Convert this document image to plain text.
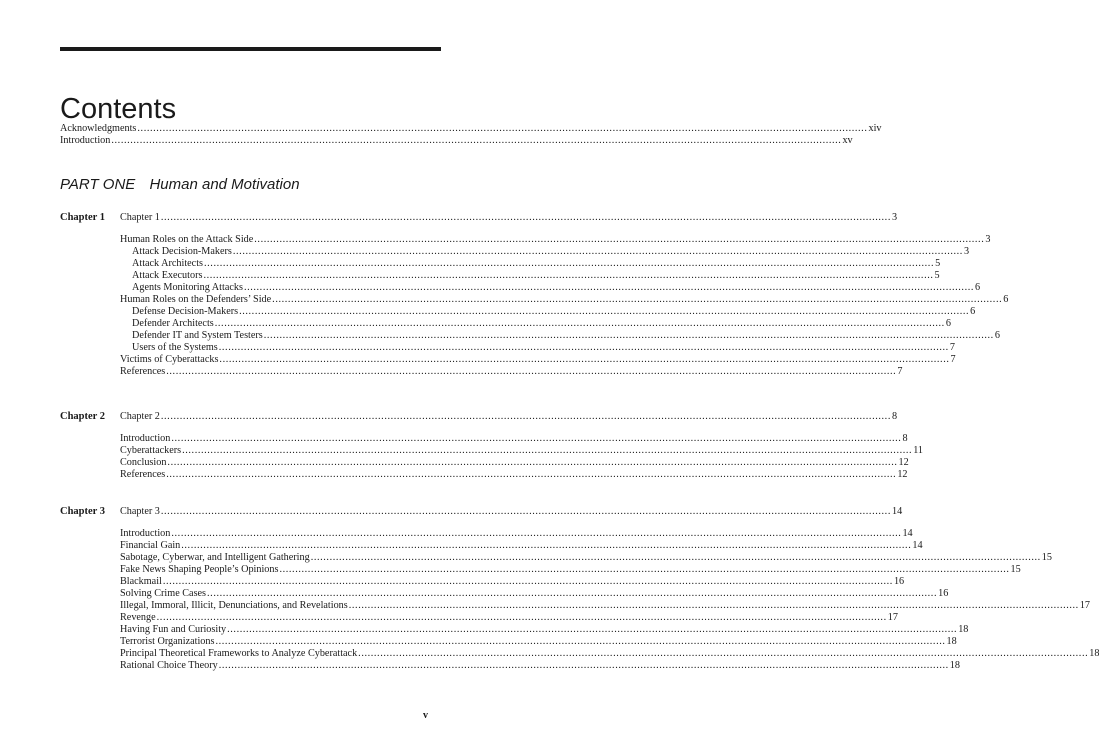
Contents
Acknowledgments .....	xiv
Introduction .....	xv
PART ONE Human and Motivation
Chapter 1	Chapter 1 .....	3
Human Roles on the Attack Side .....	3
Attack Decision-Makers .....	3
Attack Architects .....	5
Attack Executors .....	5
Agents Monitoring Attacks .....	6
Human Roles on the Defenders’ Side .....	6
Defense Decision-Makers .....	6
Defender Architects .....	6
Defender IT and System Testers .....	6
Users of the Systems .....	7
Victims of Cyberattacks .....	7
References .....	7
Chapter 2	Chapter 2 .....	8
Introduction .....	8
Cyberattackers .....	11
Conclusion .....	12
References .....	12
Chapter 3	Chapter 3 .....	14
Introduction .....	14
Financial Gain .....	14
Sabotage, Cyberwar, and Intelligent Gathering .....	15
Fake News Shaping People’s Opinions .....	15
Blackmail .....	16
Solving Crime Cases .....	16
Illegal, Immoral, Illicit, Denunciations, and Revelations .....	17
Revenge .....	17
Having Fun and Curiosity .....	18
Terrorist Organizations .....	18
Principal Theoretical Frameworks to Analyze Cyberattack .....	18
Rational Choice Theory .....	18
v
